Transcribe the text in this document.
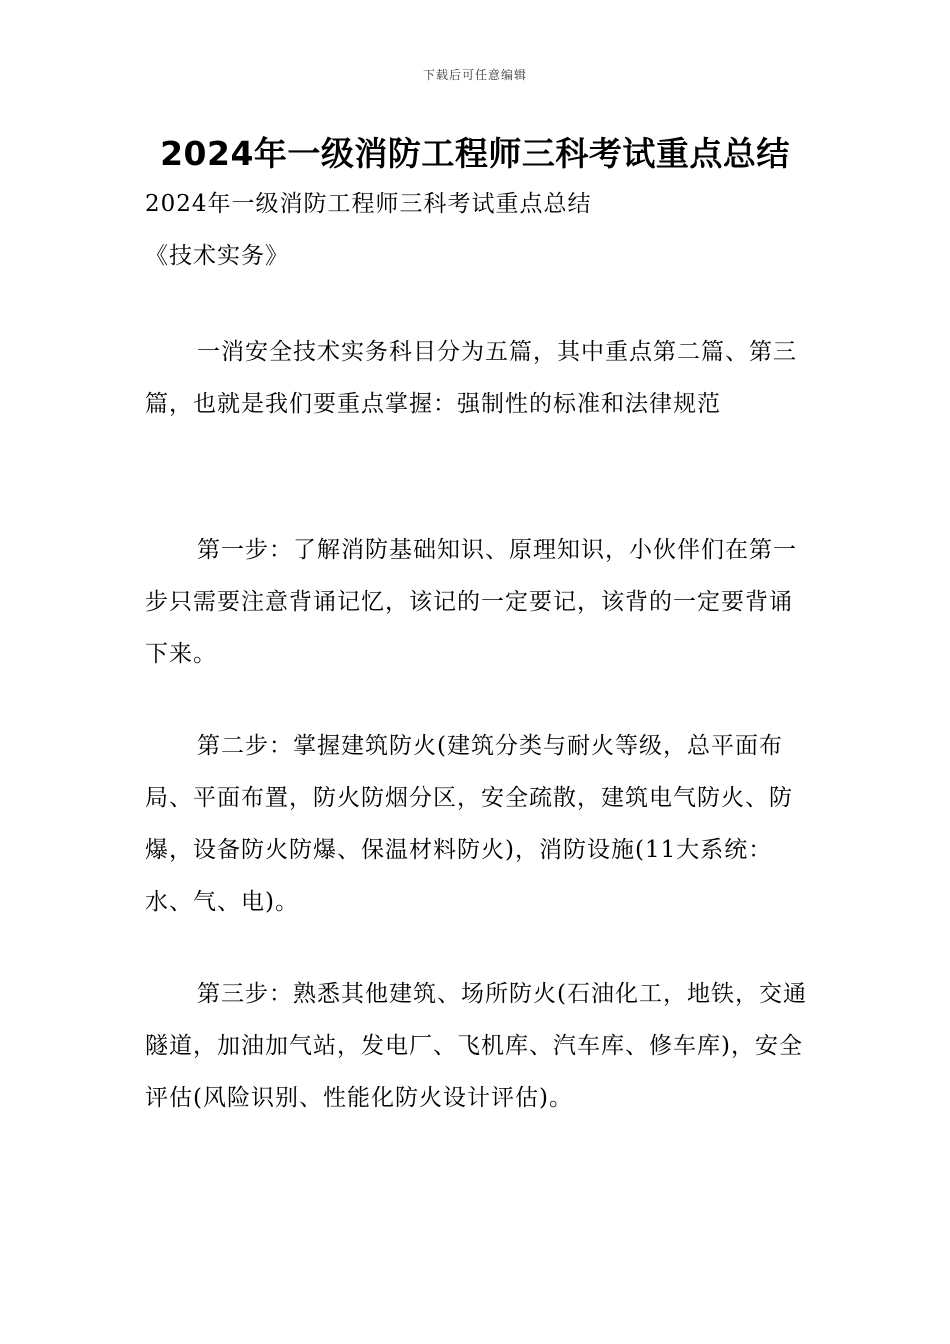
下载后可任意编辑
2024年一级消防工程师三科考试重点总结
2024年一级消防工程师三科考试重点总结
《技术实务》
一消安全技术实务科目分为五篇，其中重点第二篇、第三篇，也就是我们要重点掌握：强制性的标准和法律规范
第一步：了解消防基础知识、原理知识，小伙伴们在第一步只需要注意背诵记忆，该记的一定要记，该背的一定要背诵下来。
第二步：掌握建筑防火(建筑分类与耐火等级，总平面布局、平面布置，防火防烟分区，安全疏散，建筑电气防火、防爆，设备防火防爆、保温材料防火)，消防设施(11大系统：水、气、电)。
第三步：熟悉其他建筑、场所防火(石油化工，地铁，交通隧道，加油加气站，发电厂、飞机库、汽车库、修车库)，安全评估(风险识别、性能化防火设计评估)。
